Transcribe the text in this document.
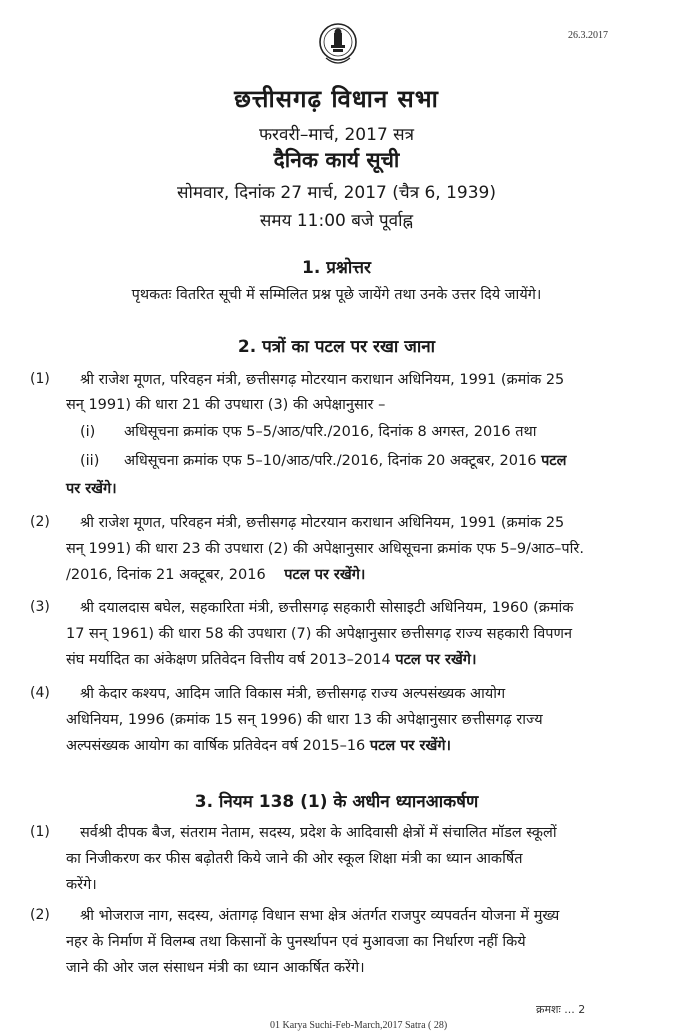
26.3.2017
छत्तीसगढ़ विधान सभा
फरवरी–मार्च, 2017 सत्र
दैनिक कार्य सूची
सोमवार, दिनांक 27 मार्च, 2017 (चैत्र 6, 1939)
समय 11:00 बजे पूर्वाह्न
1. प्रश्नोत्तर
पृथकतः वितरित सूची में सम्मिलित प्रश्न पूछे जायेंगे तथा उनके उत्तर दिये जायेंगे।
2. पत्रों का पटल पर रखा जाना
(1) श्री राजेश मूणत, परिवहन मंत्री, छत्तीसगढ़ मोटरयान कराधान अधिनियम, 1991 (क्रमांक 25
सन् 1991) की धारा 21 की उपधारा (3) की अपेक्षानुसार –
(i) अधिसूचना क्रमांक एफ 5–5/आठ/परि./2016, दिनांक 8 अगस्त, 2016 तथा
(ii) अधिसूचना क्रमांक एफ 5–10/आठ/परि./2016, दिनांक 20 अक्टूबर, 2016 पटल
पर रखेंगे।
(2) श्री राजेश मूणत, परिवहन मंत्री, छत्तीसगढ़ मोटरयान कराधान अधिनियम, 1991 (क्रमांक 25
सन् 1991) की धारा 23 की उपधारा (2) की अपेक्षानुसार अधिसूचना क्रमांक एफ 5–9/आठ–परि.
/2016, दिनांक 21 अक्टूबर, 2016 पटल पर रखेंगे।
(3) श्री दयालदास बघेल, सहकारिता मंत्री, छत्तीसगढ़ सहकारी सोसाइटी अधिनियम, 1960 (क्रमांक
17 सन् 1961) की धारा 58 की उपधारा (7) की अपेक्षानुसार छत्तीसगढ़ राज्य सहकारी विपणन
संघ मर्यादित का अंकेक्षण प्रतिवेदन वित्तीय वर्ष 2013–2014 पटल पर रखेंगे।
(4) श्री केदार कश्यप, आदिम जाति विकास मंत्री, छत्तीसगढ़ राज्य अल्पसंख्यक आयोग
अधिनियम, 1996 (क्रमांक 15 सन् 1996) की धारा 13 की अपेक्षानुसार छत्तीसगढ़ राज्य
अल्पसंख्यक आयोग का वार्षिक प्रतिवेदन वर्ष 2015–16 पटल पर रखेंगे।
3. नियम 138 (1) के अधीन ध्यानआकर्षण
(1) सर्वश्री दीपक बैज, संतराम नेताम, सदस्य, प्रदेश के आदिवासी क्षेत्रों में संचालित मॉडल स्कूलों
का निजीकरण कर फीस बढ़ोतरी किये जाने की ओर स्कूल शिक्षा मंत्री का ध्यान आकर्षित
करेंगे।
(2) श्री भोजराज नाग, सदस्य, अंतागढ़ विधान सभा क्षेत्र अंतर्गत राजपुर व्यपवर्तन योजना में मुख्य
नहर के निर्माण में विलम्ब तथा किसानों के पुनर्स्थापन एवं मुआवजा का निर्धारण नहीं किये
जाने की ओर जल संसाधन मंत्री का ध्यान आकर्षित करेंगे।
क्रमशः ... 2
01 Karya Suchi-Feb-March,2017 Satra ( 28)
